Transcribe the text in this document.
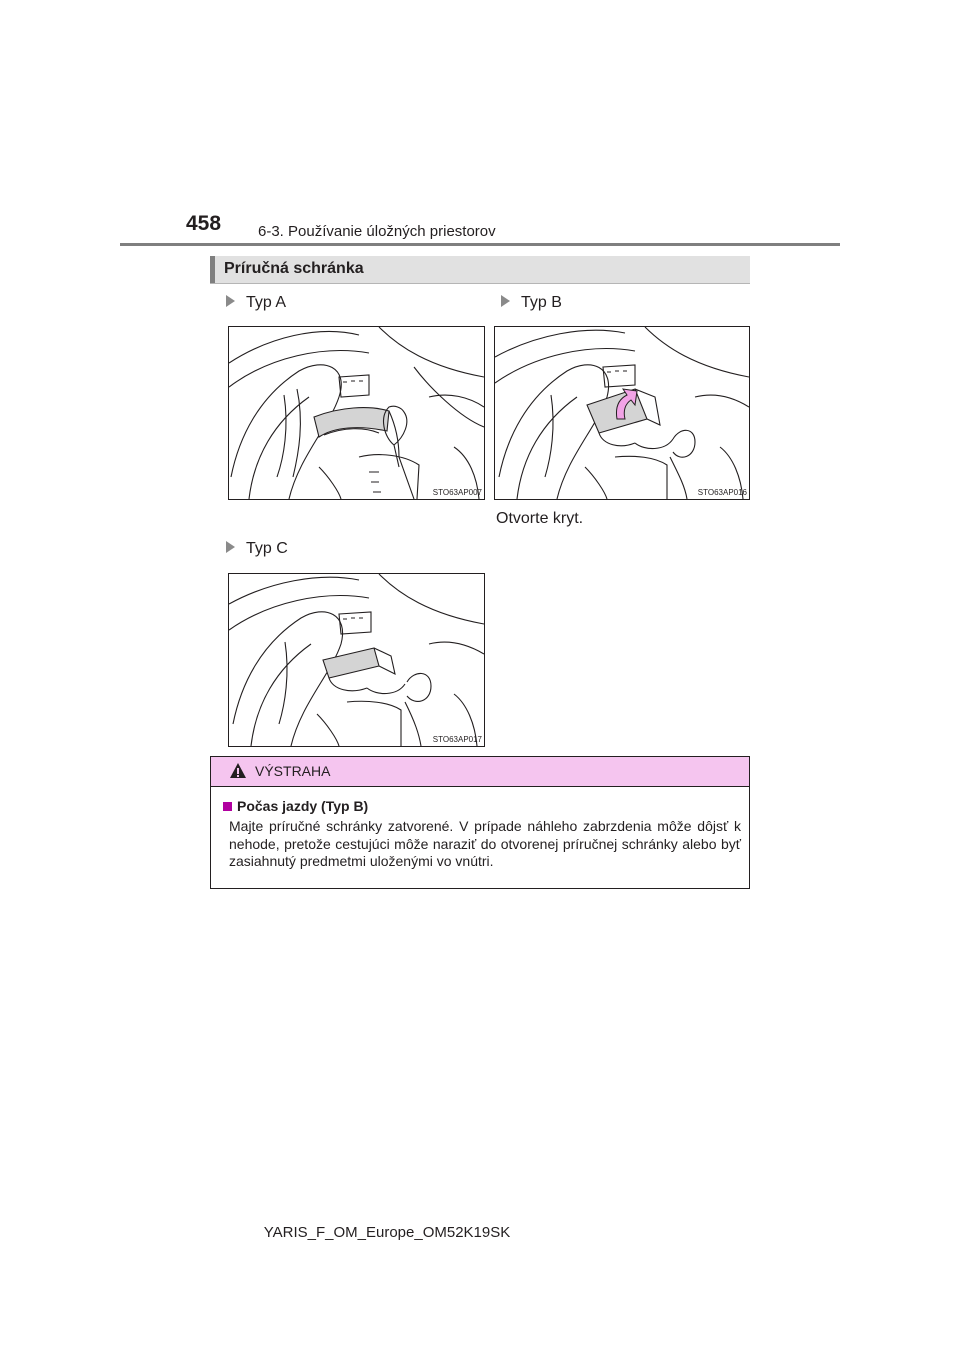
458 6-3. Používanie úložných priestorov
Príručná schránka
Typ A	Typ B
Typ C
STO63AP007	STO63AP016
Otvorte kryt.
STO63AP017
VÝSTRAHA
Počas jazdy (Typ B)
Majte príručné schránky zatvorené. V prípade náhleho zabrzdenia môže dôjsť k nehode, pretože cestujúci môže naraziť do otvorenej príručnej schránky alebo byť zasiahnutý predmetmi uloženými vo vnútri.
YARIS_F_OM_Europe_OM52K19SK
